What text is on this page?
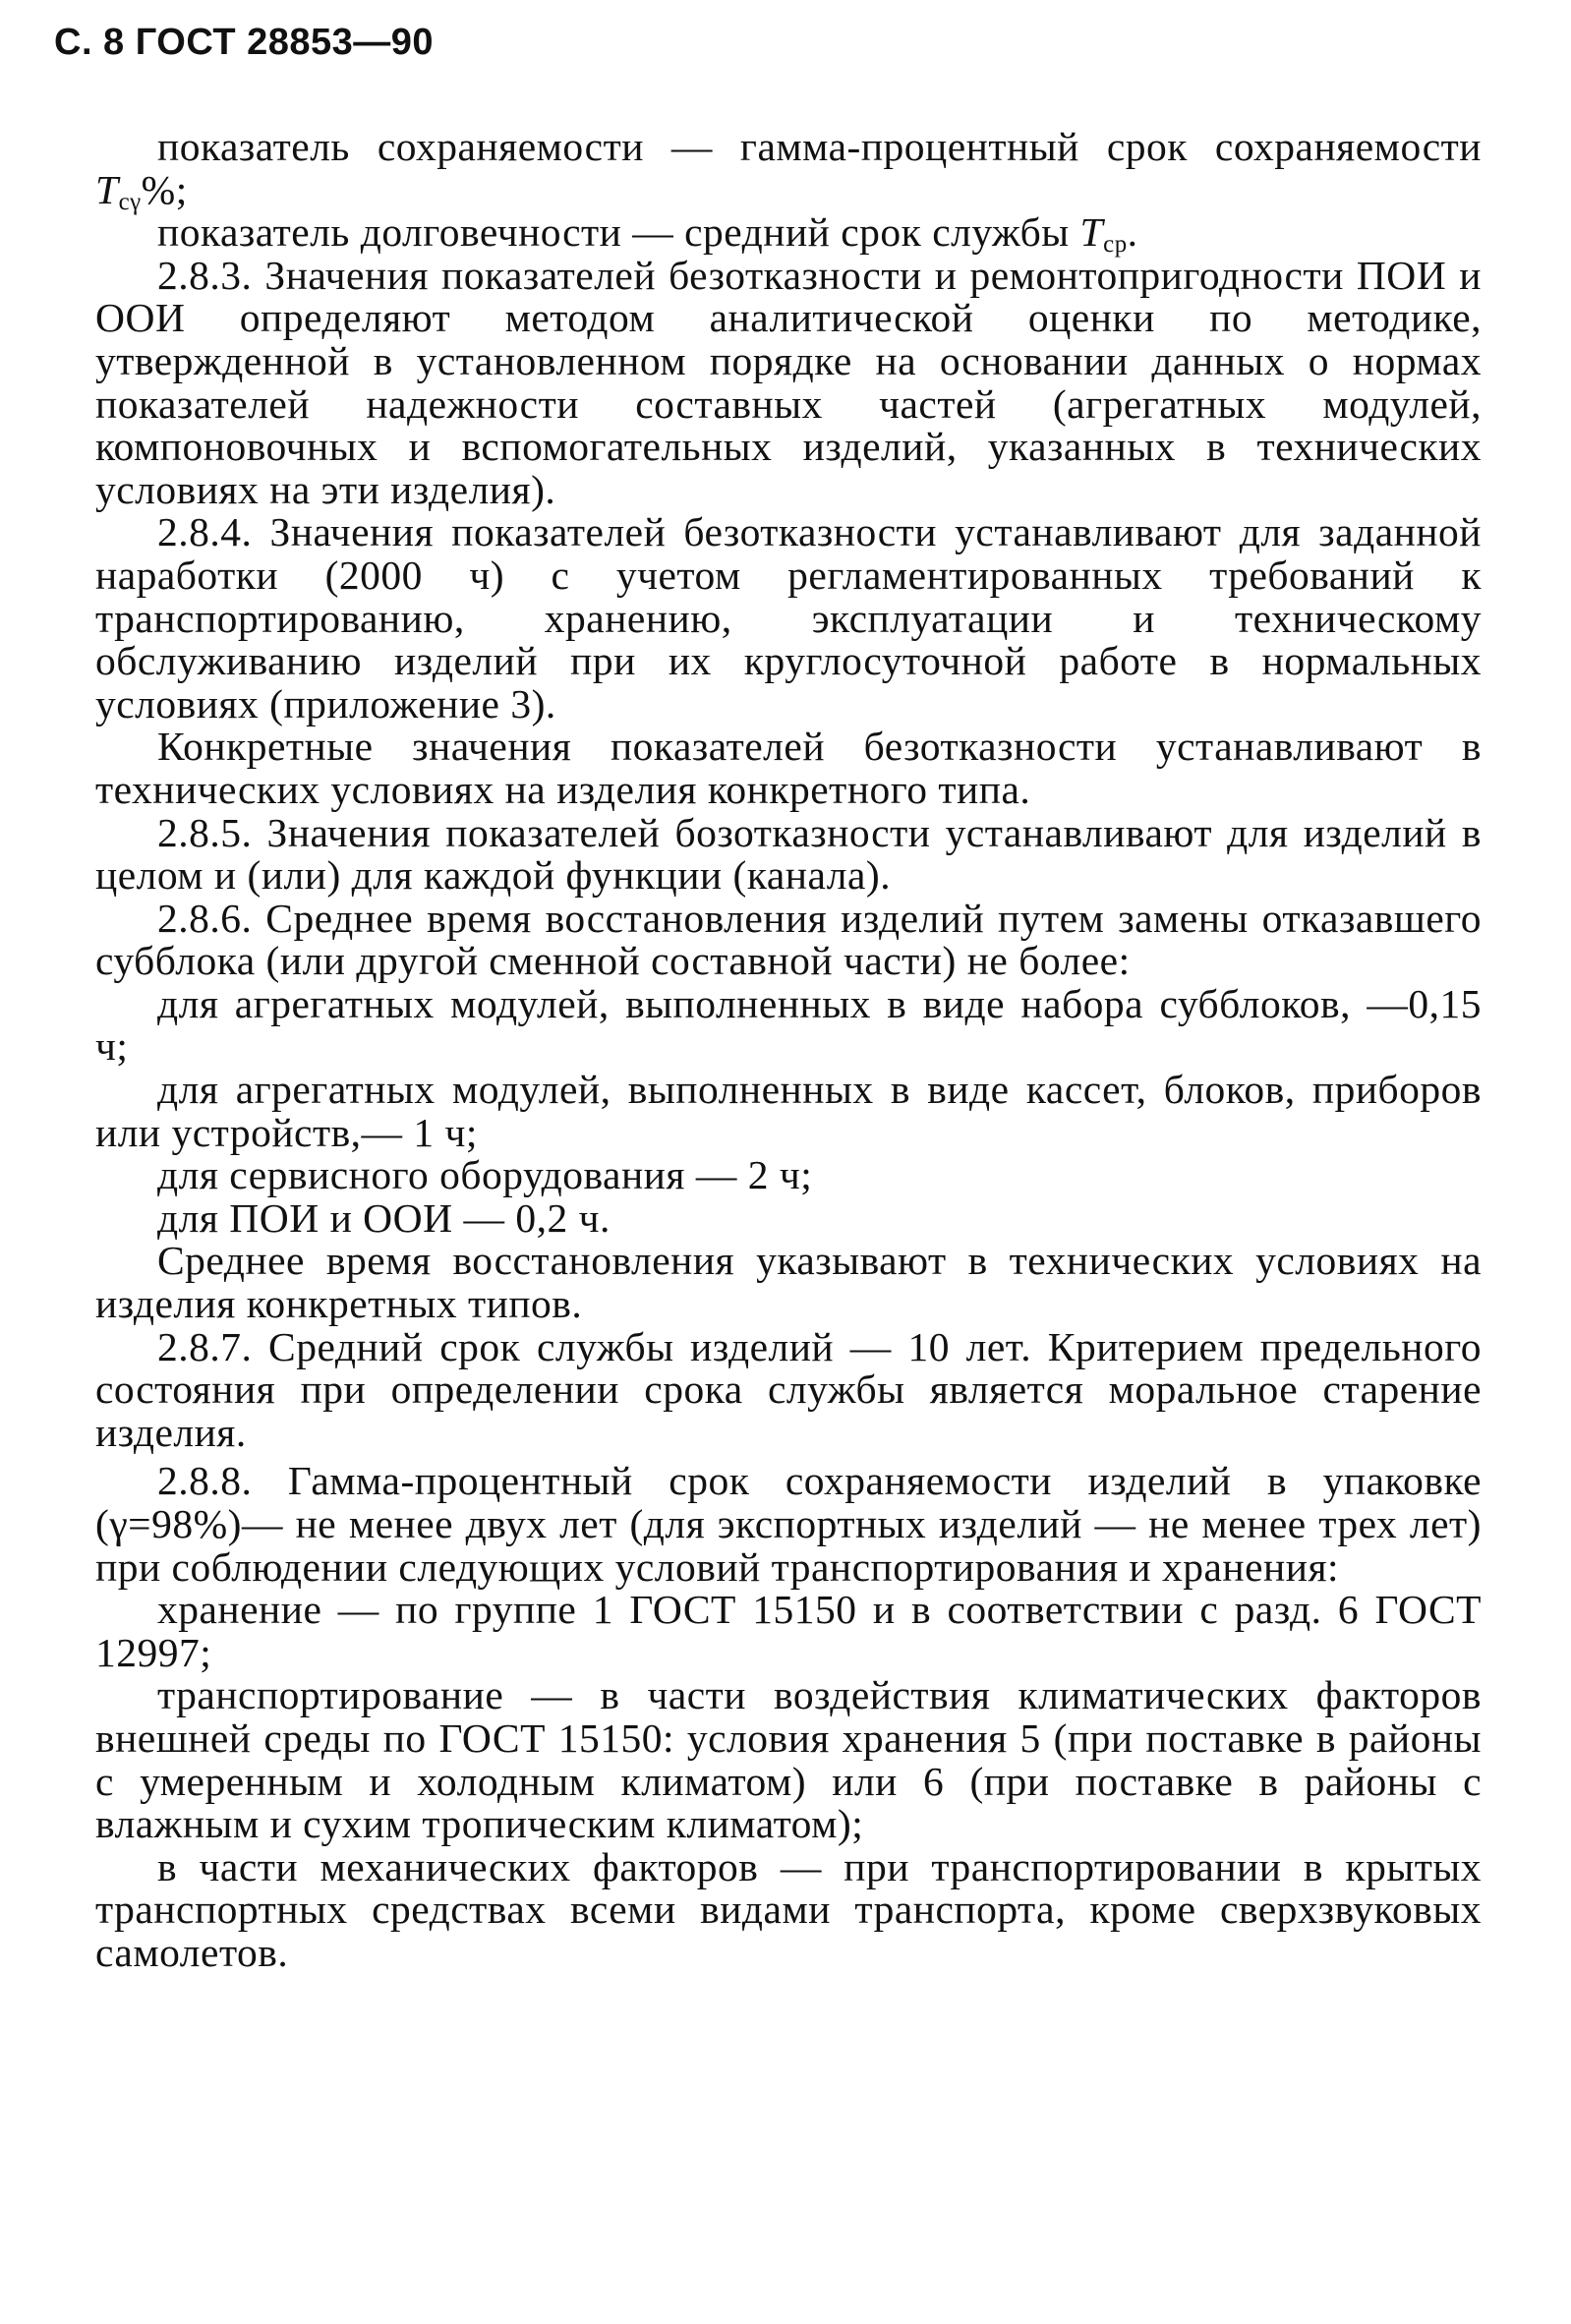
С. 8 ГОСТ 28853—90

показатель сохраняемости — гамма-процентный срок сохраняемости $T_{с\gamma}\%$;

показатель долговечности — средний срок службы $T_{ср}$.

2.8.3. Значения показателей безотказности и ремонтопригодности ПОИ и ООИ определяют методом аналитической оценки по методике, утвержденной в установленном порядке на основании данных о нормах показателей надежности составных частей (агрегатных модулей, компоновочных и вспомогательных изделий, указанных в технических условиях на эти изделия).

2.8.4. Значения показателей безотказности устанавливают для заданной наработки (2000 ч) с учетом регламентированных требований к транспортированию, хранению, эксплуатации и техническому обслуживанию изделий при их круглосуточной работе в нормальных условиях (приложение 3).

Конкретные значения показателей безотказности устанавливают в технических условиях на изделия конкретного типа.

2.8.5. Значения показателей бозотказности устанавливают для изделий в целом и (или) для каждой функции (канала).

2.8.6. Среднее время восстановления изделий путем замены отказавшего субблока (или другой сменной составной части) не более:

для агрегатных модулей, выполненных в виде набора субблоков, —0,15 ч;

для агрегатных модулей, выполненных в виде кассет, блоков, приборов или устройств,— 1 ч;

для сервисного оборудования — 2 ч;

для ПОИ и ООИ — 0,2 ч.

Среднее время восстановления указывают в технических условиях на изделия конкретных типов.

2.8.7. Средний срок службы изделий — 10 лет. Критерием предельного состояния при определении срока службы является моральное старение изделия.

2.8.8. Гамма-процентный срок сохраняемости изделий в упаковке (γ=98%)— не менее двух лет (для экспортных изделий — не менее трех лет) при соблюдении следующих условий транспортирования и хранения:

хранение — по группе 1 ГОСТ 15150 и в соответствии с разд. 6 ГОСТ 12997;

транспортирование — в части воздействия климатических факторов внешней среды по ГОСТ 15150: условия хранения 5 (при поставке в районы с умеренным и холодным климатом) или 6 (при поставке в районы с влажным и сухим тропическим климатом);

в части механических факторов — при транспортировании в крытых транспортных средствах всеми видами транспорта, кроме сверхзвуковых самолетов.
